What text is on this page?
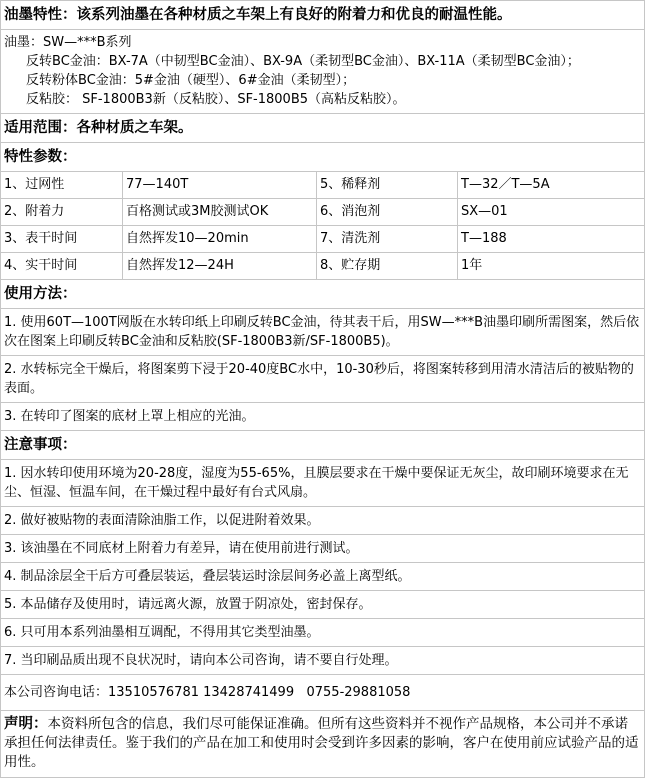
油墨特性：该系列油墨在各种材质之车架上有良好的附着力和优良的耐温性能。
油墨：SW—***B系列
反转BC金油：BX-7A（中韧型BC金油）、BX-9A（柔韧型BC金油）、BX-11A（柔韧型BC金油）；
反转粉体BC金油：5#金油（硬型）、6#金油（柔韧型）；
反粘胶： SF-1800B3新（反粘胶）、SF-1800B5（高粘反粘胶）。
适用范围：各种材质之车架。
特性参数：
1、过网性	77—140T	5、稀释剂	T—32／T—5A
2、附着力	百格测试或3M胶测试OK	6、消泡剂	SX—01
3、表干时间	自然挥发10—20min	7、清洗剂	T—188
4、实干时间	自然挥发12—24H	8、贮存期	1年
使用方法：
1. 使用60T—100T网版在水转印纸上印刷反转BC金油，待其表干后，用SW—***B油墨印刷所需图案，然后依次在图案上印刷反转BC金油和反粘胶(SF-1800B3新/SF-1800B5)。
2. 水转标完全干燥后，将图案剪下浸于20-40度BC水中，10-30秒后，将图案转移到用清水清洁后的被贴物的表面。
3. 在转印了图案的底材上罩上相应的光油。
注意事项：
1. 因水转印使用环境为20-28度，湿度为55-65%，且膜层要求在干燥中要保证无灰尘，故印刷环境要求在无尘、恒湿、恒温车间，在干燥过程中最好有台式风扇。
2. 做好被贴物的表面清除油脂工作，以促进附着效果。
3. 该油墨在不同底材上附着力有差异，请在使用前进行测试。
4. 制品涂层全干后方可叠层装运，叠层装运时涂层间务必盖上离型纸。
5. 本品储存及使用时，请远离火源，放置于阴凉处，密封保存。
6. 只可用本系列油墨相互调配，不得用其它类型油墨。
7. 当印刷品质出现不良状况时，请向本公司咨询，请不要自行处理。
本公司咨询电话：13510576781 13428741499   0755-29881058
声明：本资料所包含的信息，我们尽可能保证准确。但所有这些资料并不视作产品规格，本公司并不承诺承担任何法律责任。鉴于我们的产品在加工和使用时会受到许多因素的影响，客户在使用前应试验产品的适用性。
